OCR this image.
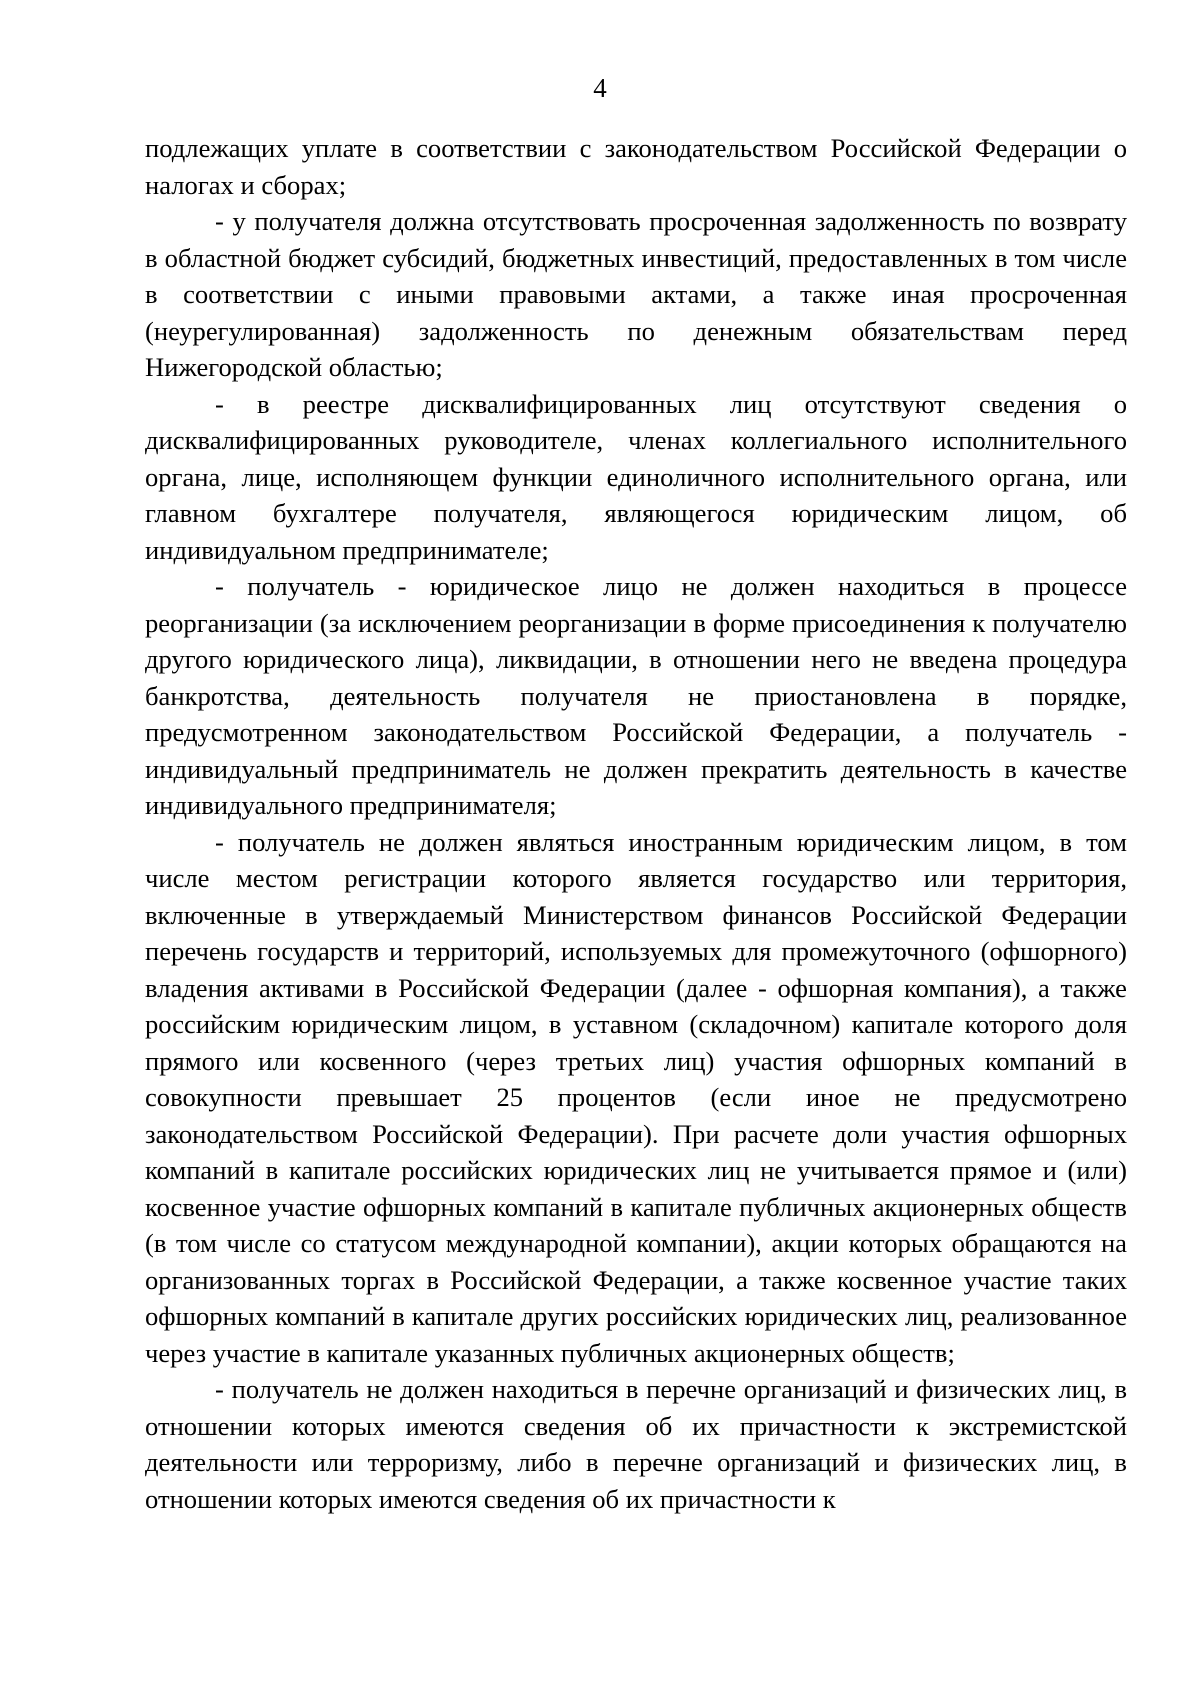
4

подлежащих уплате в соответствии с законодательством Российской Федерации о налогах и сборах;

- у получателя должна отсутствовать просроченная задолженность по возврату в областной бюджет субсидий, бюджетных инвестиций, предоставленных в том числе в соответствии с иными правовыми актами, а также иная просроченная (неурегулированная) задолженность по денежным обязательствам перед Нижегородской областью;

- в реестре дисквалифицированных лиц отсутствуют сведения о дисквалифицированных руководителе, членах коллегиального исполнительного органа, лице, исполняющем функции единоличного исполнительного органа, или главном бухгалтере получателя, являющегося юридическим лицом, об индивидуальном предпринимателе;

- получатель - юридическое лицо не должен находиться в процессе реорганизации (за исключением реорганизации в форме присоединения к получателю другого юридического лица), ликвидации, в отношении него не введена процедура банкротства, деятельность получателя не приостановлена в порядке, предусмотренном законодательством Российской Федерации, а получатель - индивидуальный предприниматель не должен прекратить деятельность в качестве индивидуального предпринимателя;

- получатель не должен являться иностранным юридическим лицом, в том числе местом регистрации которого является государство или территория, включенные в утверждаемый Министерством финансов Российской Федерации перечень государств и территорий, используемых для промежуточного (офшорного) владения активами в Российской Федерации (далее - офшорная компания), а также российским юридическим лицом, в уставном (складочном) капитале которого доля прямого или косвенного (через третьих лиц) участия офшорных компаний в совокупности превышает 25 процентов (если иное не предусмотрено законодательством Российской Федерации). При расчете доли участия офшорных компаний в капитале российских юридических лиц не учитывается прямое и (или) косвенное участие офшорных компаний в капитале публичных акционерных обществ (в том числе со статусом международной компании), акции которых обращаются на организованных торгах в Российской Федерации, а также косвенное участие таких офшорных компаний в капитале других российских юридических лиц, реализованное через участие в капитале указанных публичных акционерных обществ;

- получатель не должен находиться в перечне организаций и физических лиц, в отношении которых имеются сведения об их причастности к экстремистской деятельности или терроризму, либо в перечне организаций и физических лиц, в отношении которых имеются сведения об их причастности к
